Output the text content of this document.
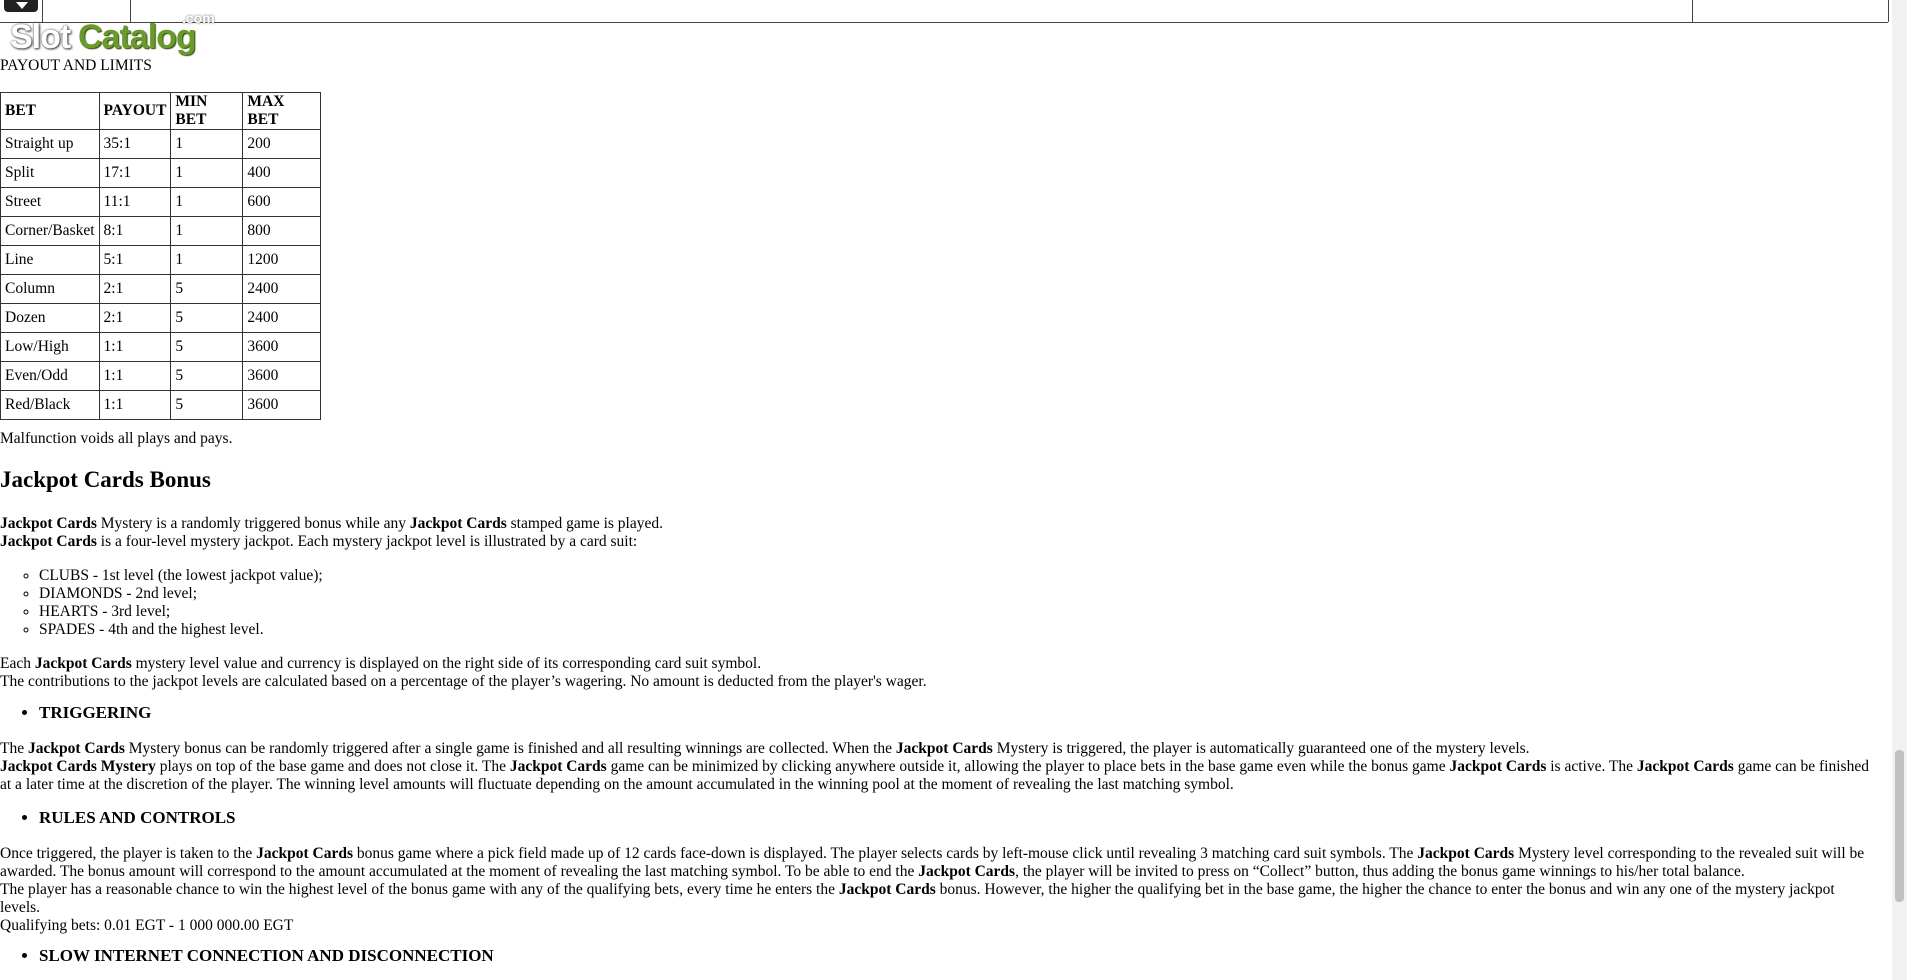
PAYOUT AND LIMITS
BET	PAYOUT	MIN BET	MAX BET
Straight up	35:1	1	200
Split	17:1	1	400
Street	11:1	1	600
Corner/Basket	8:1	1	800
Line	5:1	1	1200
Column	2:1	5	2400
Dozen	2:1	5	2400
Low/High	1:1	5	3600
Even/Odd	1:1	5	3600
Red/Black	1:1	5	3600

Malfunction voids all plays and pays.

Jackpot Cards Bonus

Jackpot Cards Mystery is a randomly triggered bonus while any Jackpot Cards stamped game is played.

Jackpot Cards is a four-level mystery jackpot. Each mystery jackpot level is illustrated by a card suit:

◦ CLUBS - 1st level (the lowest jackpot value);
◦ DIAMONDS - 2nd level;
◦ HEARTS - 3rd level;
◦ SPADES - 4th and the highest level.

Each Jackpot Cards mystery level value and currency is displayed on the right side of its corresponding card suit symbol.

The contributions to the jackpot levels are calculated based on a percentage of the player’s wagering. No amount is deducted from the player's wager.

• TRIGGERING

The Jackpot Cards Mystery bonus can be randomly triggered after a single game is finished and all resulting winnings are collected. When the Jackpot Cards Mystery is triggered, the player is automatically guaranteed one of the mystery levels.
Jackpot Cards Mystery plays on top of the base game and does not close it. The Jackpot Cards game can be minimized by clicking anywhere outside it, allowing the player to place bets in the base game even while the bonus game Jackpot Cards is active. The Jackpot Cards game can be finished at a later time at the discretion of the player. The winning level amounts will fluctuate depending on the amount accumulated in the winning pool at the moment of revealing the last matching symbol.

• RULES AND CONTROLS

Once triggered, the player is taken to the Jackpot Cards bonus game where a pick field made up of 12 cards face-down is displayed. The player selects cards by left-mouse click until revealing 3 matching card suit symbols. The Jackpot Cards Mystery level corresponding to the revealed suit will be awarded. The bonus amount will correspond to the amount accumulated at the moment of revealing the last matching symbol. To be able to end the Jackpot Cards, the player will be invited to press on “Collect” button, thus adding the bonus game winnings to his/her total balance.
The player has a reasonable chance to win the highest level of the bonus game with any of the qualifying bets, every time he enters the Jackpot Cards bonus. However, the higher the qualifying bet in the base game, the higher the chance to enter the bonus and win any one of the mystery jackpot levels.
Qualifying bets: 0.01 EGT - 1 000 000.00 EGT

• SLOW INTERNET CONNECTION AND DISCONNECTION
Slot Catalog
.com
